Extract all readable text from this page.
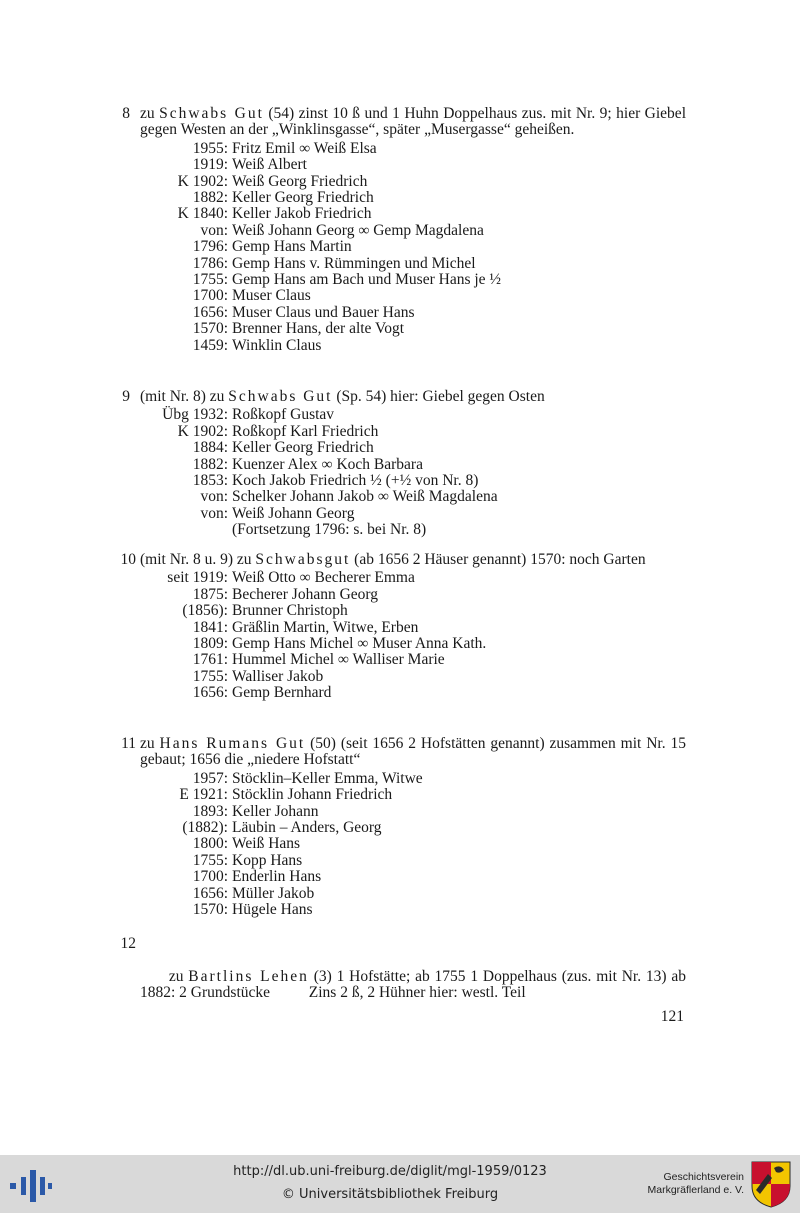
8 zu Schwabs Gut (54) zinst 10 ß und 1 Huhn Doppelhaus zus. mit Nr. 9; hier Giebel gegen Westen an der „Winklinsgasse“, später „Musergasse“ geheißen.
1955: Fritz Emil ∞ Weiß Elsa
1919: Weiß Albert
K 1902: Weiß Georg Friedrich
1882: Keller Georg Friedrich
K 1840: Keller Jakob Friedrich
von: Weiß Johann Georg ∞ Gemp Magdalena
1796: Gemp Hans Martin
1786: Gemp Hans v. Rümmingen und Michel
1755: Gemp Hans am Bach und Muser Hans je ½
1700: Muser Claus
1656: Muser Claus und Bauer Hans
1570: Brenner Hans, der alte Vogt
1459: Winklin Claus
9 (mit Nr. 8) zu Schwabs Gut (Sp. 54) hier: Giebel gegen Osten
Übg 1932: Roßkopf Gustav
K 1902: Roßkopf Karl Friedrich
1884: Keller Georg Friedrich
1882: Kuenzer Alex ∞ Koch Barbara
1853: Koch Jakob Friedrich ½ (+½ von Nr. 8)
von: Schelker Johann Jakob ∞ Weiß Magdalena
von: Weiß Johann Georg
(Fortsetzung 1796: s. bei Nr. 8)
10 (mit Nr. 8 u. 9) zu Schwabsgut (ab 1656 2 Häuser genannt) 1570: noch Garten
seit 1919: Weiß Otto ∞ Becherer Emma
1875: Becherer Johann Georg
(1856): Brunner Christoph
1841: Gräßlin Martin, Witwe, Erben
1809: Gemp Hans Michel ∞ Muser Anna Kath.
1761: Hummel Michel ∞ Walliser Marie
1755: Walliser Jakob
1656: Gemp Bernhard
11 zu Hans Rumans Gut (50) (seit 1656 2 Hofstätten genannt) zusammen mit Nr. 15 gebaut; 1656 die „niedere Hofstatt“
1957: Stöcklin–Keller Emma, Witwe
E 1921: Stöcklin Johann Friedrich
1893: Keller Johann
(1882): Läubin – Anders, Georg
1800: Weiß Hans
1755: Kopp Hans
1700: Enderlin Hans
1656: Müller Jakob
1570: Hügele Hans

12

zu Bartlins Lehen (3) 1 Hofstätte; ab 1755 1 Doppelhaus (zus. mit Nr. 13) ab 1882: 2 Grundstücke          Zins 2 ß, 2 Hühner hier: westl. Teil

121
http://dl.ub.uni-freiburg.de/diglit/mgl-1959/0123
© Universitätsbibliothek Freiburg
Geschichtsverein
Markgräflerland e. V.
